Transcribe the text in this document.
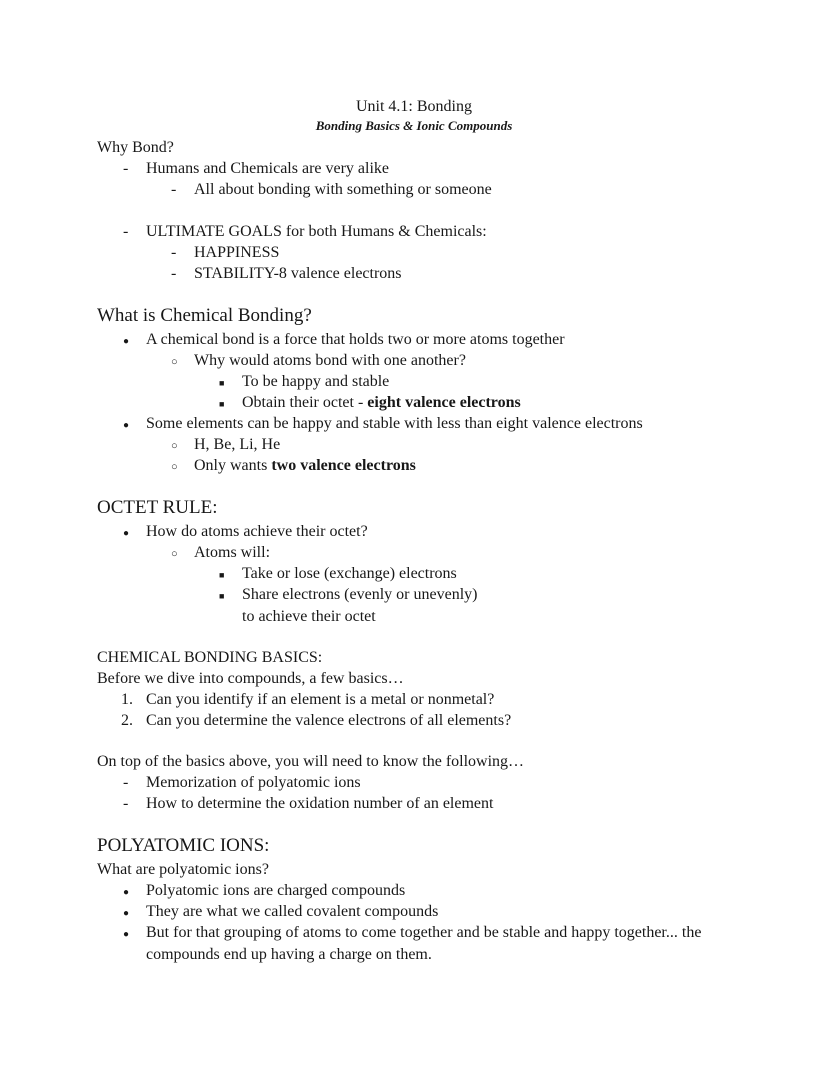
Unit 4.1: Bonding
Bonding Basics & Ionic Compounds
Why Bond?
-	Humans and Chemicals are very alike
-	All about bonding with something or someone
-	ULTIMATE GOALS for both Humans & Chemicals:
-	HAPPINESS
-	STABILITY-8 valence electrons
What is Chemical Bonding?
●	A chemical bond is a force that holds two or more atoms together
○	Why would atoms bond with one another?
■	To be happy and stable
■	Obtain their octet - eight valence electrons
●	Some elements can be happy and stable with less than eight valence electrons
○	H, Be, Li, He
○	Only wants two valence electrons
OCTET RULE:
●	How do atoms achieve their octet?
○	Atoms will:
■	Take or lose (exchange) electrons
■	Share electrons (evenly or unevenly)
to achieve their octet
CHEMICAL BONDING BASICS:
Before we dive into compounds, a few basics…
1. Can you identify if an element is a metal or nonmetal?
2. Can you determine the valence electrons of all elements?
On top of the basics above, you will need to know the following…
-	Memorization of polyatomic ions
-	How to determine the oxidation number of an element
POLYATOMIC IONS:
What are polyatomic ions?
●	Polyatomic ions are charged compounds
●	They are what we called covalent compounds
●	But for that grouping of atoms to come together and be stable and happy together... the compounds end up having a charge on them.
